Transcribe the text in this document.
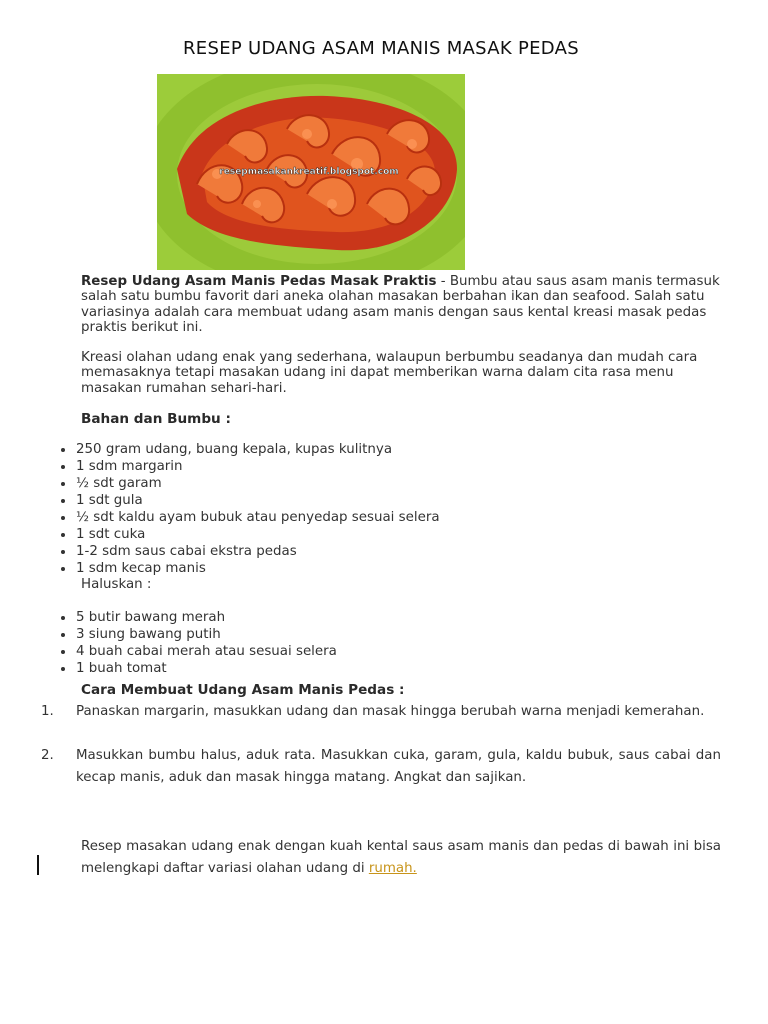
RESEP UDANG ASAM MANIS MASAK PEDAS
resepmasakankreatif.blogspot.com
Resep Udang Asam Manis Pedas Masak Praktis - Bumbu atau saus asam manis termasuk salah satu bumbu favorit dari aneka olahan masakan berbahan ikan dan seafood. Salah satu variasinya adalah cara membuat udang asam manis dengan saus kental kreasi masak pedas praktis berikut ini.
Kreasi olahan udang enak yang sederhana, walaupun berbumbu seadanya dan mudah cara memasaknya tetapi masakan udang ini dapat memberikan warna dalam cita rasa menu masakan rumahan sehari-hari.
Bahan dan Bumbu :
250 gram udang, buang kepala, kupas kulitnya
1 sdm margarin
½ sdt garam
1 sdt gula
½ sdt kaldu ayam bubuk atau penyedap sesuai selera
1 sdt cuka
1-2 sdm saus cabai ekstra pedas
1 sdm kecap manis
Haluskan :
5 butir bawang merah
3 siung bawang putih
4 buah cabai merah atau sesuai selera
1 buah tomat
Cara Membuat Udang Asam Manis Pedas :
1. Panaskan margarin, masukkan udang dan masak hingga berubah warna menjadi kemerahan.
2. Masukkan bumbu halus, aduk rata. Masukkan cuka, garam, gula, kaldu bubuk, saus cabai dan kecap manis, aduk dan masak hingga matang. Angkat dan sajikan.
Resep masakan udang enak dengan kuah kental saus asam manis dan pedas di bawah ini bisa melengkapi daftar variasi olahan udang di rumah.
